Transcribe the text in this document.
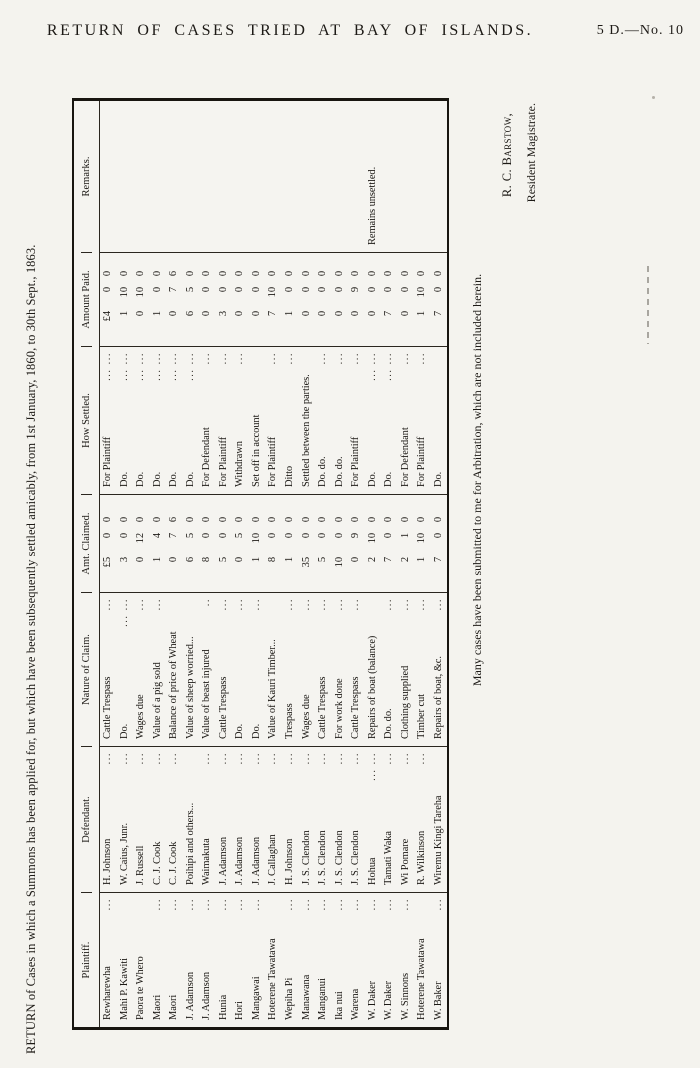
RETURN OF CASES TRIED AT BAY OF ISLANDS.	5 D.—No. 10
RETURN of Cases in which a Summons has been applied for, but which have been subsequently settled amicably, from 1st January, 1860, to 30th Sept., 1863.	Plaintiff.
Defendant.
Nature of Claim.
Amt. Claimed.
How Settled.
Amount Paid.
Remarks.
Rewharewha
...
H. Johnson
...
Cattle Trespass
...
£500
For Plaintiff
... ...
£400
Mahi P. Kawiti
W. Caius, Junr.
...
Do.
... ...
300
Do.
... ...
1100
Paora te Whero
J. Russell
...
Wages due
...
0120
Do.
... ...
0100
Maori
...
C. J. Cook
...
Value of a pig sold
...
140
Do.
... ...
100
Maori
...
C. J. Cook
...
Balance of price of Wheat
076
Do.
... ...
076
J. Adamson
...
Poihipi and others...
Value of sheep worried...
650
Do.
... ...
650
J. Adamson
...
Waimakuta
...
Value of beast injured
..
800
For Defendant
...
000
Hunia
...
J. Adamson
...
Cattle Trespass
...
500
For Plaintiff
...
300
Hori
...
J. Adamson
...
Do.
...
050
Withdrawn
...
000
Mangawai
...
J. Adamson
...
Do.
...
1100
Set off in account
000
Hoterene Tawatawa
J. Callaghan
...
Value of Kauri Timber...
800
For Plaintiff
...
7100
Wepiha Pi
...
H. Johnson
...
Trespass
...
100
Ditto
...
100
Manawana
...
J. S. Clendon
...
Wages due
...
3500
Settled between the parties.
000
Manganui
...
J. S. Clendon
...
Cattle Trespass
...
500
Do. do.
...
000
Ika nui
...
J. S. Clendon
...
For work done
...
1000
Do. do.
...
000
Warena
...
J. S. Clendon
...
Cattle Trespass
...
090
For Plaintiff
...
090
W. Daker
...
Hohua
... ...
Repairs of boat (balance)
2100
Do.
... ...
000
Remains unsettled.
W. Daker
...
Tamati Waka
...
Do. do.
...
700
Do.
... ...
700
W. Sinnons
...
Wi Pomare
...
Clothing supplied
...
210
For Defendant
...
000
Hoterene Tawatawa
R. Wilkinson
...
Timber cut
...
1100
For Plaintiff
...
1100
W. Baker
...
Wiremu Kingi Tareha
Repairs of boat, &c.
...
700
Do.
700
Many cases have been submitted to me for Arbitration, which are not included herein.
R. C. Barstow, Resident Magistrate.
